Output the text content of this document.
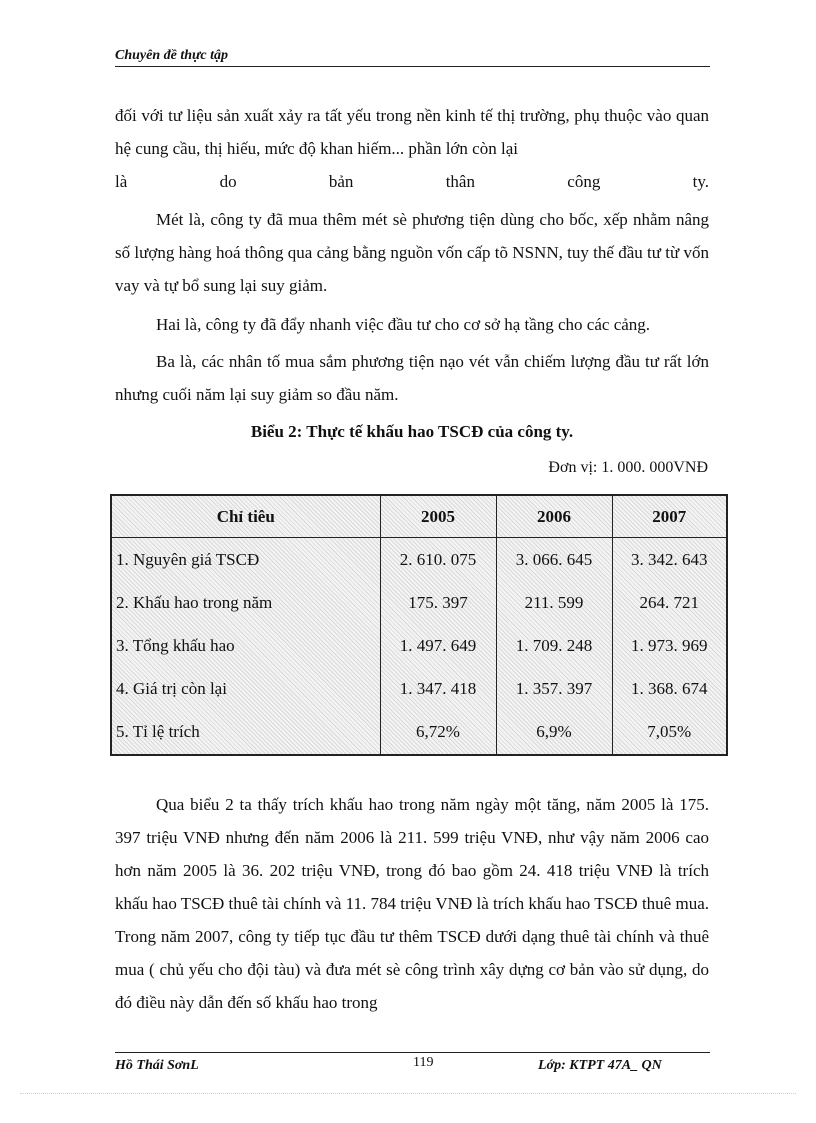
Chuyên đề thực tập

đối với tư liệu sản xuất xảy ra tất yếu trong nền kinh tế thị trường, phụ thuộc vào quan hệ cung cầu, thị hiếu, mức độ khan hiếm... phần lớn còn lại

là do bản thân công ty.

Mét là, công ty đã mua thêm mét sè phương tiện dùng cho bốc, xếp nhằm nâng số lượng hàng hoá thông qua cảng bằng nguồn vốn cấp tõ NSNN, tuy thế đầu tư từ vốn vay và tự bổ sung lại suy giảm.

Hai là, công ty đã đẩy nhanh việc đầu tư cho cơ sở hạ tầng cho các cảng.

Ba là, các nhân tố mua sắm phương tiện nạo vét vẫn chiếm lượng đầu tư rất lớn nhưng cuối năm lại suy giảm so đầu năm.

Biểu 2: Thực tế khấu hao TSCĐ của công ty.
Đơn vị: 1. 000. 000VNĐ
Chỉ tiêu	2005	2006	2007
1. Nguyên giá TSCĐ	2. 610. 075	3. 066. 645	3. 342. 643
2. Khấu hao trong năm	175. 397	211. 599	264. 721
3. Tổng khấu hao	1. 497. 649	1. 709. 248	1. 973. 969
4. Giá trị còn lại	1. 347. 418	1. 357. 397	1. 368. 674
5. Tỉ lệ trích	6,72%	6,9%	7,05%

Qua biểu 2 ta thấy trích khấu hao trong năm ngày một tăng, năm 2005 là 175. 397 triệu VNĐ nhưng đến năm 2006 là 211. 599 triệu VNĐ, như vậy năm 2006 cao hơn năm 2005 là 36. 202 triệu VNĐ, trong đó bao gồm 24. 418 triệu VNĐ là trích khấu hao TSCĐ thuê tài chính và 11. 784 triệu VNĐ là trích khấu hao TSCĐ thuê mua. Trong năm 2007, công ty tiếp tục đầu tư thêm TSCĐ dưới dạng thuê tài chính và thuê mua ( chủ yếu cho đội tàu) và đưa mét sè công trình xây dựng cơ bản vào sử dụng, do đó điều này dẫn đến số khấu hao trong

Hồ Thái SơnL	119	Lớp: KTPT 47A_ QN
